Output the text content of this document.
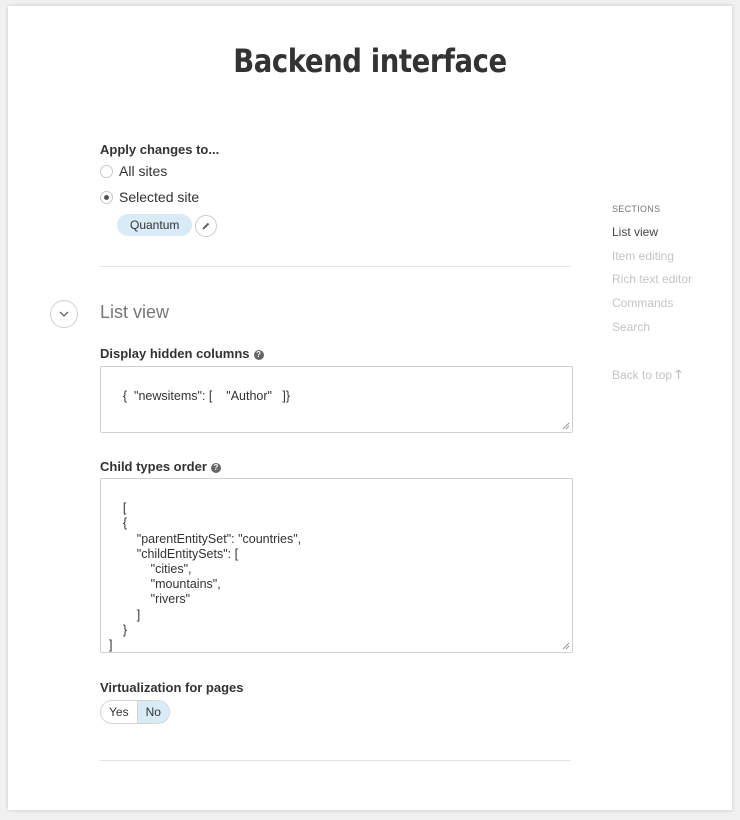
Backend interface
Apply changes to...
All sites
Selected site
Quantum
List view
Display hidden columns ?

{  "newsitems": [    "Author"   ]}

Child types order ?

[
{
"parentEntitySet": "countries",
"childEntitySets": [
"cities",
"mountains",
"rivers"
]
}
]

Virtualization for pages
Yes	No
SECTIONS
List view
Item editing
Rich text editor
Commands
Search
Back to top
